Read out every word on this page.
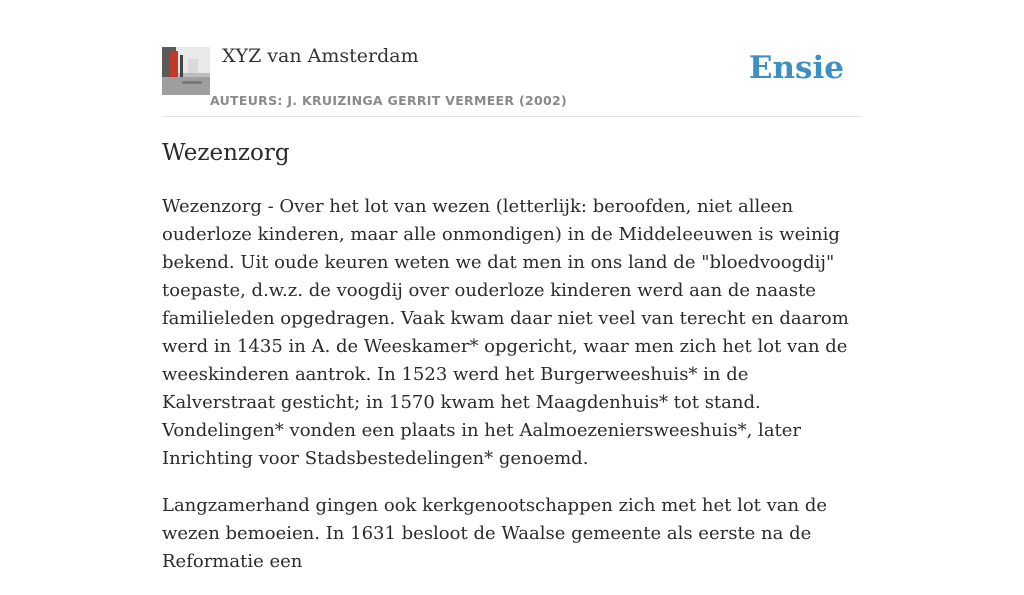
XYZ van Amsterdam
AUTEURS: J. KRUIZINGA GERRIT VERMEER (2002)
Ensie
Wezenzorg

Wezenzorg - Over het lot van wezen (letterlijk: beroofden, niet alleen ouderloze kinderen, maar alle onmondigen) in de Middeleeuwen is weinig bekend. Uit oude keuren weten we dat men in ons land de "bloedvoogdij" toepaste, d.w.z. de voogdij over ouderloze kinderen werd aan de naaste familieleden opgedragen. Vaak kwam daar niet veel van terecht en daarom werd in 1435 in A. de Weeskamer* opgericht, waar men zich het lot van de weeskinderen aantrok. In 1523 werd het Burgerweeshuis* in de Kalverstraat gesticht; in 1570 kwam het Maagdenhuis* tot stand. Vondelingen* vonden een plaats in het Aalmoezeniersweeshuis*, later Inrichting voor Stadsbestedelingen* genoemd.

Langzamerhand gingen ook kerkgenootschappen zich met het lot van de wezen bemoeien. In 1631 besloot de Waalse gemeente als eerste na de Reformatie een
